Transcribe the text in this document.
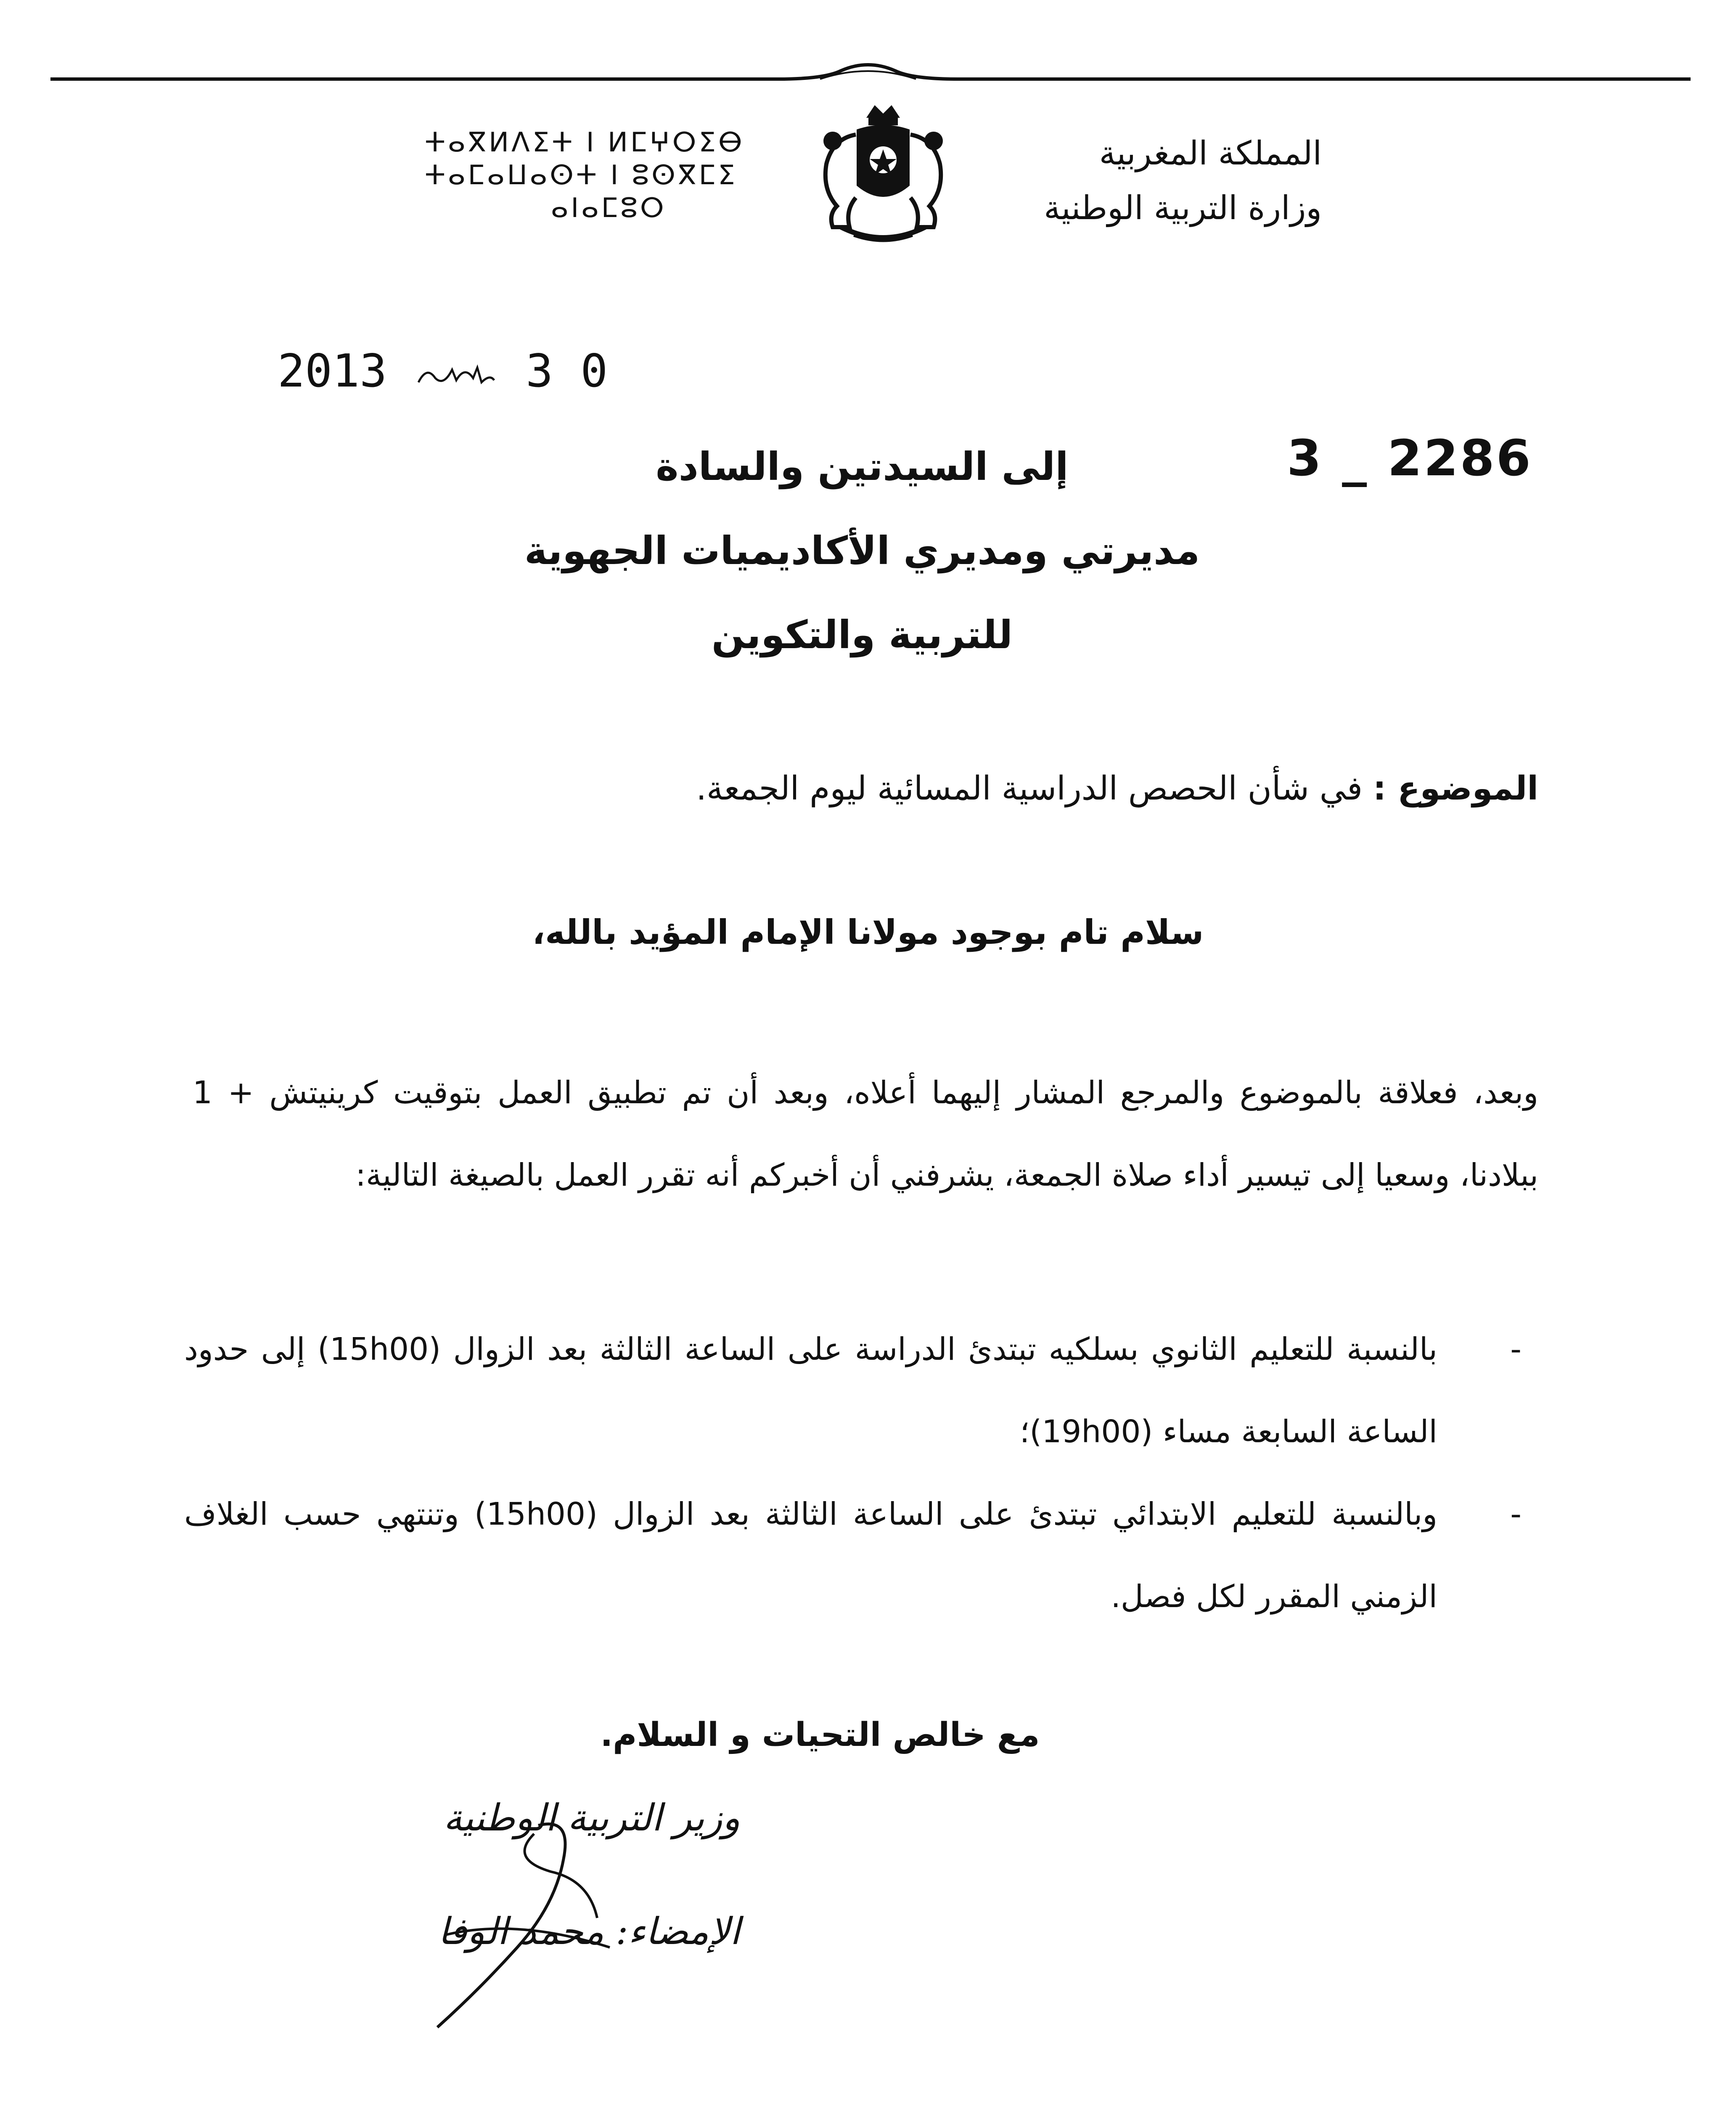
ⵜⴰⴳⵍⴷⵉⵜ ⵏ ⵍⵎⵖⵔⵉⴱ
ⵜⴰⵎⴰⵡⴰⵙⵜ ⵏ ⵓⵙⴳⵎⵉ
ⴰⵏⴰⵎⵓⵔ
المملكة المغربية
وزارة التربية الوطنية
2013	3 0
3 _ 2286
إلى السيدتين والسادة
مديرتي ومديري الأكاديميات الجهوية
للتربية والتكوين
الموضوع : في شأن الحصص الدراسية المسائية ليوم الجمعة.
سلام تام بوجود مولانا الإمام المؤيد بالله،
وبعد، فعلاقة بالموضوع والمرجع المشار إليهما أعلاه، وبعد أن تم تطبيق العمل بتوقيت كرينيتش + 1 ببلادنا، وسعيا إلى تيسير أداء صلاة الجمعة، يشرفني أن أخبركم أنه تقرر العمل بالصيغة التالية:
-
بالنسبة للتعليم الثانوي بسلكيه تبتدئ الدراسة على الساعة الثالثة بعد الزوال (15h00) إلى حدود الساعة السابعة مساء (19h00)؛
-
وبالنسبة للتعليم الابتدائي تبتدئ على الساعة الثالثة بعد الزوال (15h00) وتنتهي حسب الغلاف الزمني المقرر لكل فصل.
مع خالص التحيات و السلام.
وزير التربية الوطنية
الإمضاء: محمد الوفا
